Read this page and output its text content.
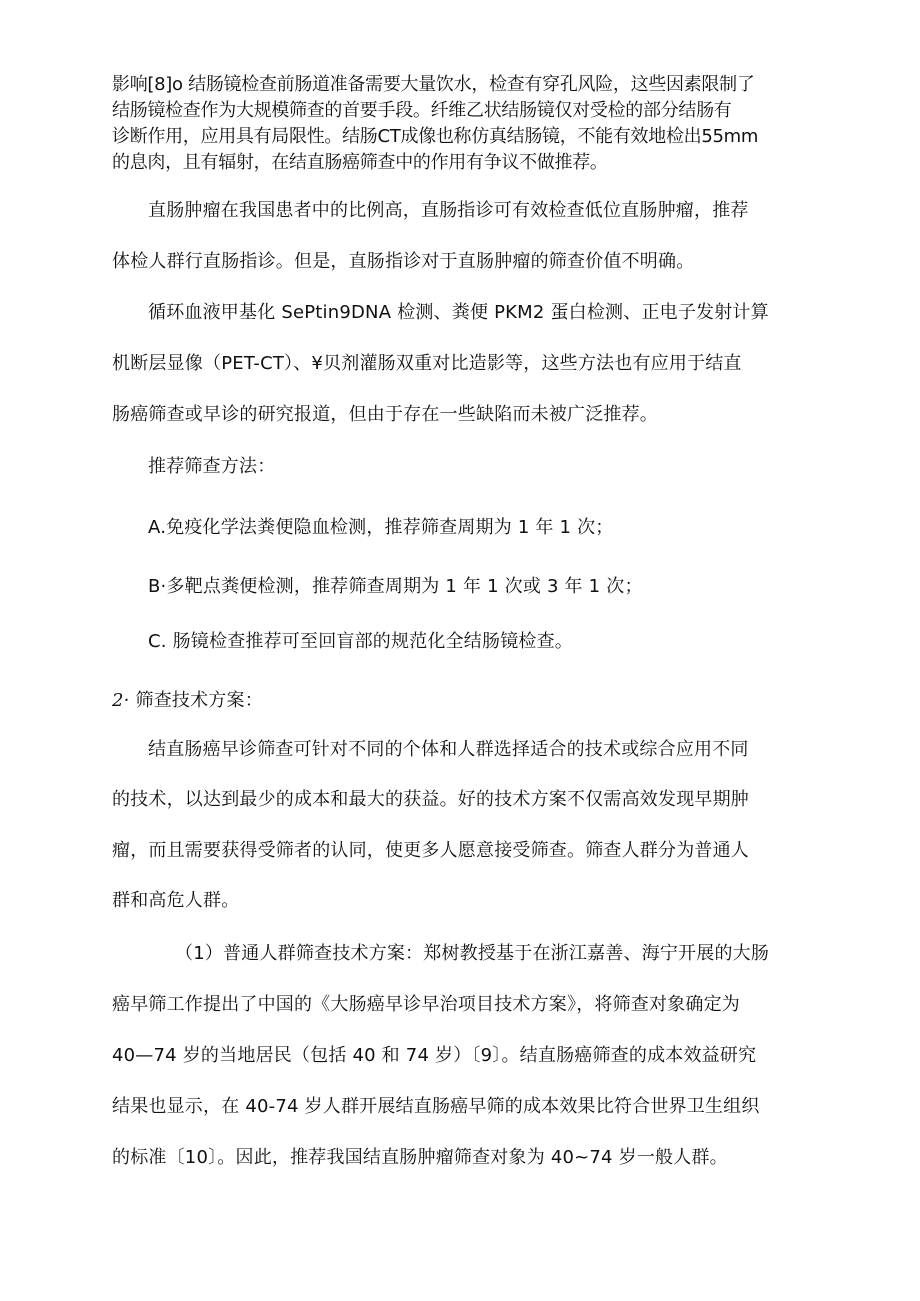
影响[8]o 结肠镜检查前肠道准备需要大量饮水，检查有穿孔风险，这些因素限制了
结肠镜检查作为大规模筛查的首要手段。纤维乙状结肠镜仅对受检的部分结肠有
诊断作用，应用具有局限性。结肠CT成像也称仿真结肠镜，不能有效地检出55mm
的息肉，且有辐射，在结直肠癌筛查中的作用有争议不做推荐。
直肠肿瘤在我国患者中的比例高，直肠指诊可有效检查低位直肠肿瘤，推荐
体检人群行直肠指诊。但是，直肠指诊对于直肠肿瘤的筛查价值不明确。
循环血液甲基化 SePtin9DNA 检测、粪便 PKM2 蛋白检测、正电子发射计算
机断层显像（PET-CT）、¥贝剂灌肠双重对比造影等，这些方法也有应用于结直
肠癌筛查或早诊的研究报道，但由于存在一些缺陷而未被广泛推荐。
推荐筛查方法：
A.免疫化学法粪便隐血检测，推荐筛查周期为 1 年 1 次；
B·多靶点粪便检测，推荐筛查周期为 1 年 1 次或 3 年 1 次；
C. 肠镜检查推荐可至回盲部的规范化全结肠镜检查。
2· 筛查技术方案：
结直肠癌早诊筛查可针对不同的个体和人群选择适合的技术或综合应用不同
的技术，以达到最少的成本和最大的获益。好的技术方案不仅需高效发现早期肿
瘤，而且需要获得受筛者的认同，使更多人愿意接受筛查。筛查人群分为普通人
群和高危人群。
（1）普通人群筛查技术方案：郑树教授基于在浙江嘉善、海宁开展的大肠
癌早筛工作提出了中国的《大肠癌早诊早治项目技术方案》，将筛查对象确定为
40—74 岁的当地居民（包括 40 和 74 岁）〔9〕。结直肠癌筛查的成本效益研究
结果也显示，在 40-74 岁人群开展结直肠癌早筛的成本效果比符合世界卫生组织
的标准〔10〕。因此，推荐我国结直肠肿瘤筛查对象为 40~74 岁一般人群。
